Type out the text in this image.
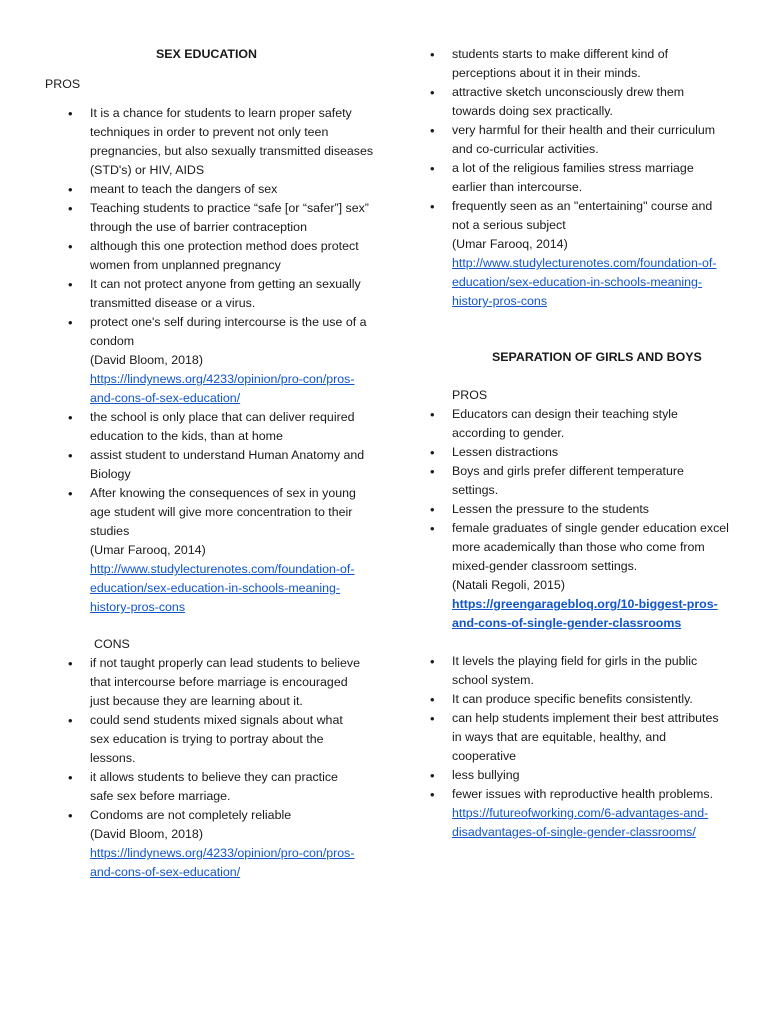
SEX EDUCATION
PROS
• It is a chance for students to learn proper safety techniques in order to prevent not only teen pregnancies, but also sexually transmitted diseases (STD's) or HIV, AIDS
• meant to teach the dangers of sex
• Teaching students to practice “safe [or “safer”] sex” through the use of barrier contraception
• although this one protection method does protect women from unplanned pregnancy
• It can not protect anyone from getting an sexually transmitted disease or a virus.
• protect one's self during intercourse is the use of a condom
(David Bloom, 2018)
https://lindynews.org/4233/opinion/pro-con/pros-and-cons-of-sex-education/
• the school is only place that can deliver required education to the kids, than at home
• assist student to understand Human Anatomy and Biology
• After knowing the consequences of sex in young age student will give more concentration to their studies
(Umar Farooq, 2014)
http://www.studylecturenotes.com/foundation-of-education/sex-education-in-schools-meaning-history-pros-cons
CONS
• if not taught properly can lead students to believe that intercourse before marriage is encouraged just because they are learning about it.
• could send students mixed signals about what sex education is trying to portray about the lessons.
• it allows students to believe they can practice safe sex before marriage.
• Condoms are not completely reliable
(David Bloom, 2018)
https://lindynews.org/4233/opinion/pro-con/pros-and-cons-of-sex-education/
• students starts to make different kind of perceptions about it in their minds.
• attractive sketch unconsciously drew them towards doing sex practically.
• very harmful for their health and their curriculum and co-curricular activities.
• a lot of the religious families stress marriage earlier than intercourse.
• frequently seen as an "entertaining" course and not a serious subject
(Umar Farooq, 2014)
http://www.studylecturenotes.com/foundation-of-education/sex-education-in-schools-meaning-history-pros-cons
SEPARATION OF GIRLS AND BOYS
PROS
• Educators can design their teaching style according to gender.
• Lessen distractions
• Boys and girls prefer different temperature settings.
• Lessen the pressure to the students
• female graduates of single gender education excel more academically than those who come from mixed-gender classroom settings.
(Natali Regoli, 2015)
https://greengaragebloq.org/10-biggest-pros-and-cons-of-single-gender-classrooms
• It levels the playing field for girls in the public school system.
• It can produce specific benefits consistently.
• can help students implement their best attributes in ways that are equitable, healthy, and cooperative
• less bullying
• fewer issues with reproductive health problems.
https://futureofworking.com/6-advantages-and-disadvantages-of-single-gender-classrooms/
